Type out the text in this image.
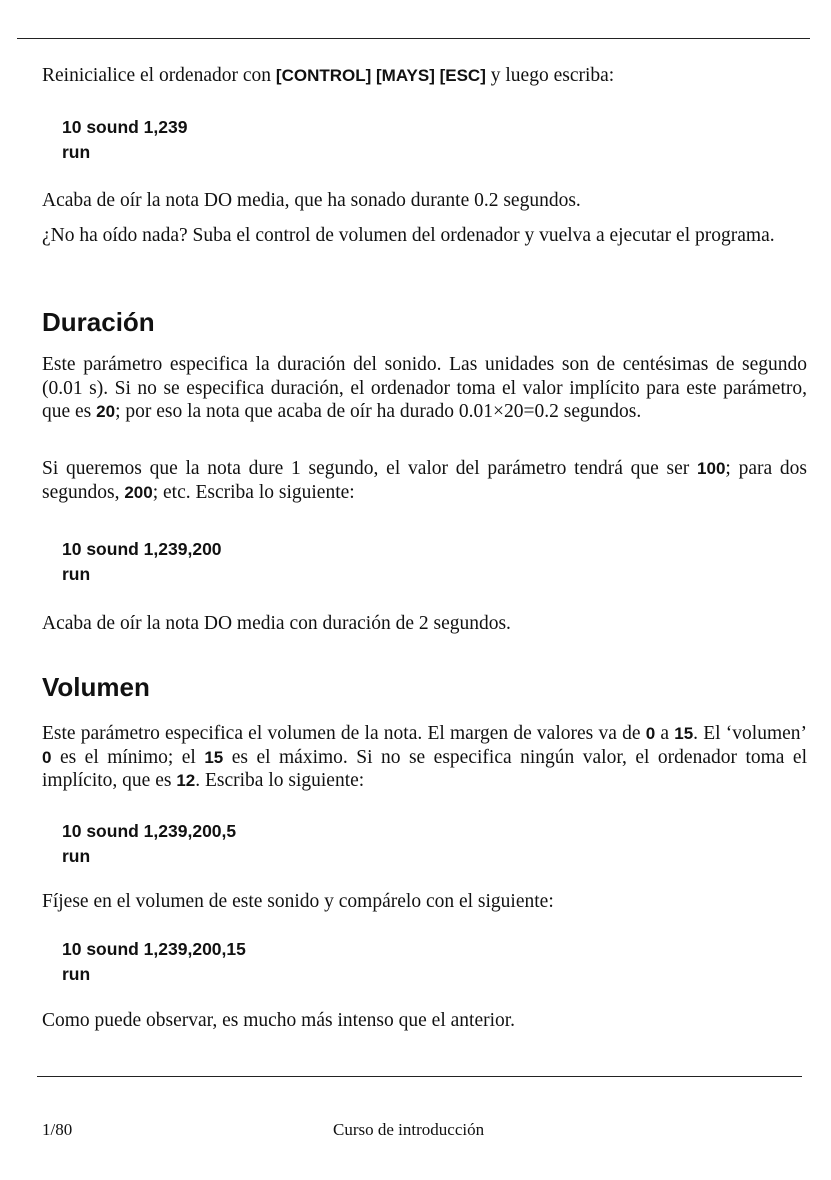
Reinicialice el ordenador con [CONTROL] [MAYS] [ESC] y luego escriba:
10 sound 1,239
run
Acaba de oír la nota DO media, que ha sonado durante 0.2 segundos.
¿No ha oído nada? Suba el control de volumen del ordenador y vuelva a ejecutar el programa.
Duración
Este parámetro especifica la duración del sonido. Las unidades son de centésimas de segundo (0.01 s). Si no se especifica duración, el ordenador toma el valor implícito para este parámetro, que es 20; por eso la nota que acaba de oír ha durado 0.01×20=0.2 segundos.
Si queremos que la nota dure 1 segundo, el valor del parámetro tendrá que ser 100; para dos segundos, 200; etc. Escriba lo siguiente:
10 sound 1,239,200
run
Acaba de oír la nota DO media con duración de 2 segundos.
Volumen
Este parámetro especifica el volumen de la nota. El margen de valores va de 0 a 15. El ‘volumen’ 0 es el mínimo; el 15 es el máximo. Si no se especifica ningún valor, el ordenador toma el implícito, que es 12. Escriba lo siguiente:
10 sound 1,239,200,5
run
Fíjese en el volumen de este sonido y compárelo con el siguiente:
10 sound 1,239,200,15
run
Como puede observar, es mucho más intenso que el anterior.
1/80	Curso de introducción
